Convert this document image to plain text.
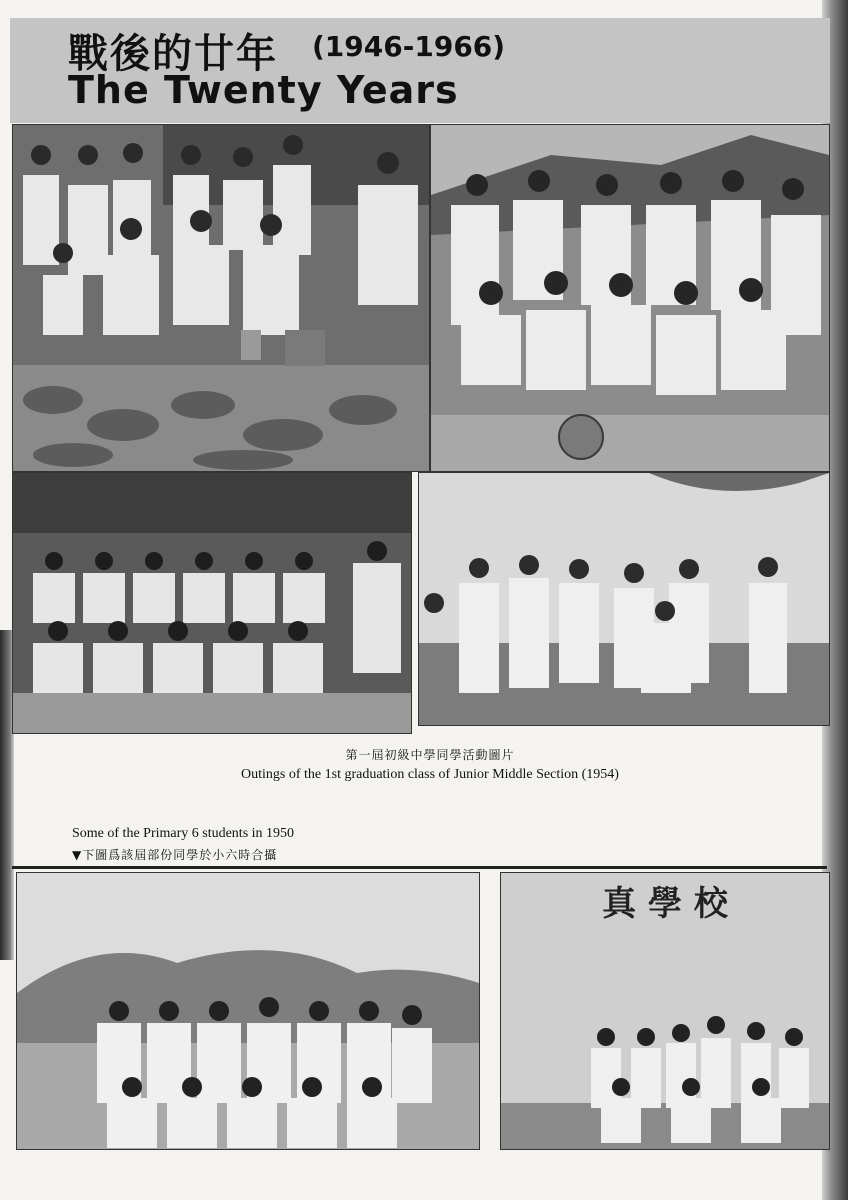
戰後的廿年 (1946-1966)
The Twenty Years
第一屆初級中學同學活動圖片
Outings of the 1st graduation class of Junior Middle Section (1954)
Some of the Primary 6 students in 1950
▼下圖爲該屆部份同學於小六時合攝
真 學 校
